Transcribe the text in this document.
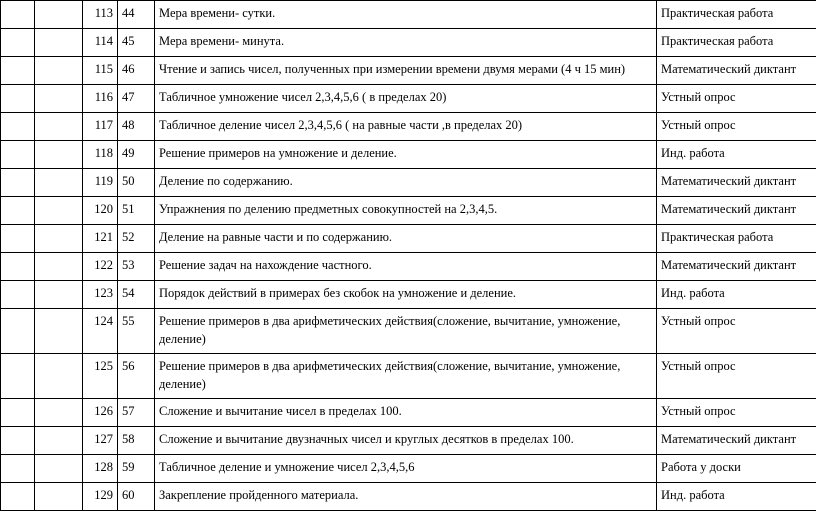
		113	44	Мера времени- сутки.	Практическая работа
		114	45	Мера времени- минута.	Практическая работа
		115	46	Чтение и запись чисел, полученных при измерении времени двумя мерами (4 ч 15 мин)	Математический диктант
		116	47	Табличное умножение чисел 2,3,4,5,6 ( в пределах 20)	Устный опрос
		117	48	Табличное деление чисел 2,3,4,5,6 ( на равные части ,в пределах 20)	Устный опрос
		118	49	Решение примеров на умножение и деление.	Инд. работа
		119	50	Деление по содержанию.	Математический диктант
		120	51	Упражнения по делению предметных совокупностей на 2,3,4,5.	Математический диктант
		121	52	Деление на равные части и по содержанию.	Практическая работа
		122	53	Решение задач на нахождение частного.	Математический диктант
		123	54	Порядок действий в примерах без скобок на умножение и деление.	Инд. работа
		124	55	Решение примеров в два арифметических действия(сложение, вычитание, умножение, деление)	Устный опрос
		125	56	Решение примеров в два арифметических действия(сложение, вычитание, умножение, деление)	Устный опрос
		126	57	Сложение и вычитание чисел в пределах 100.	Устный опрос
		127	58	Сложение и вычитание двузначных чисел и круглых десятков в пределах 100.	Математический диктант
		128	59	Табличное деление и умножение чисел 2,3,4,5,6	Работа у доски
		129	60	Закрепление пройденного материала.	Инд. работа
